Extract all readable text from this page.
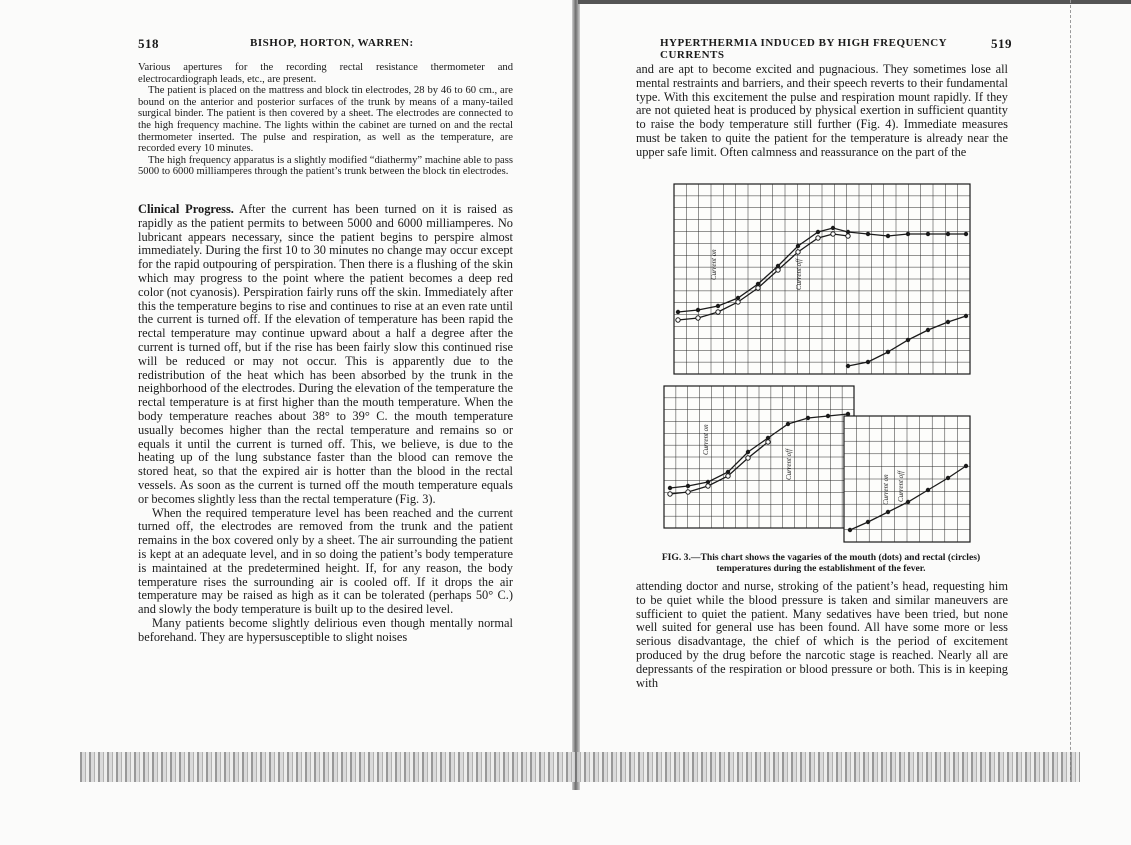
518	BISHOP, HORTON, WARREN:

Various apertures for the recording rectal resistance thermometer and electrocardiograph leads, etc., are present.

The patient is placed on the mattress and block tin electrodes, 28 by 46 to 60 cm., are bound on the anterior and posterior surfaces of the trunk by means of a many-tailed surgical binder. The patient is then covered by a sheet. The electrodes are connected to the high frequency machine. The lights within the cabinet are turned on and the rectal thermometer inserted. The pulse and respiration, as well as the temperature, are recorded every 10 minutes.

The high frequency apparatus is a slightly modified “diathermy” machine able to pass 5000 to 6000 milliamperes through the patient’s trunk between the block tin electrodes.

Clinical Progress. After the current has been turned on it is raised as rapidly as the patient permits to between 5000 and 6000 milliamperes. No lubricant appears necessary, since the patient begins to perspire almost immediately. During the first 10 to 30 minutes no change may occur except for the rapid outpouring of perspiration. Then there is a flushing of the skin which may progress to the point where the patient becomes a deep red color (not cyanosis). Perspiration fairly runs off the skin. Immediately after this the temperature begins to rise and continues to rise at an even rate until the current is turned off. If the elevation of temperature has been rapid the rectal temperature may continue upward about a half a degree after the current is turned off, but if the rise has been fairly slow this continued rise will be reduced or may not occur. This is apparently due to the redistribution of the heat which has been absorbed by the trunk in the neighborhood of the electrodes. During the elevation of the temperature the rectal temperature is at first higher than the mouth temperature. When the body temperature reaches about 38° to 39° C. the mouth temperature usually becomes higher than the rectal temperature and remains so or equals it until the current is turned off. This, we believe, is due to the heating up of the lung substance faster than the blood can remove the stored heat, so that the expired air is hotter than the blood in the rectal vessels. As soon as the current is turned off the mouth temperature equals or becomes slightly less than the rectal temperature (Fig. 3).

When the required temperature level has been reached and the current turned off, the electrodes are removed from the trunk and the patient remains in the box covered only by a sheet. The air surrounding the patient is kept at an adequate level, and in so doing the patient’s body temperature is maintained at the predetermined height. If, for any reason, the body temperature rises the surrounding air is cooled off. If it drops the air temperature may be raised as high as it can be tolerated (perhaps 50° C.) and slowly the body temperature is built up to the desired level.

Many patients become slightly delirious even though mentally normal beforehand. They are hypersusceptible to slight noises

HYPERTHERMIA INDUCED BY HIGH FREQUENCY CURRENTS
519

and are apt to become excited and pugnacious. They sometimes lose all mental restraints and barriers, and their speech reverts to their fundamental type. With this excitement the pulse and respiration mount rapidly. If they are not quieted heat is produced by physical exertion in sufficient quantity to raise the body temperature still further (Fig. 4). Immediate measures must be taken to quite the patient for the temperature is already near the upper safe limit. Often calmness and reassurance on the part of the

Current on	Current off
Current on
Current off
Current on Current off
FIG. 3.—This chart shows the vagaries of the mouth (dots) and rectal (circles) temperatures during the establishment of the fever.

attending doctor and nurse, stroking of the patient’s head, requesting him to be quiet while the blood pressure is taken and similar maneuvers are sufficient to quiet the patient. Many sedatives have been tried, but none well suited for general use has been found. All have some more or less serious disadvantage, the chief of which is the period of excitement produced by the drug before the narcotic stage is reached. Nearly all are depressants of the respiration or blood pressure or both. This is in keeping with
